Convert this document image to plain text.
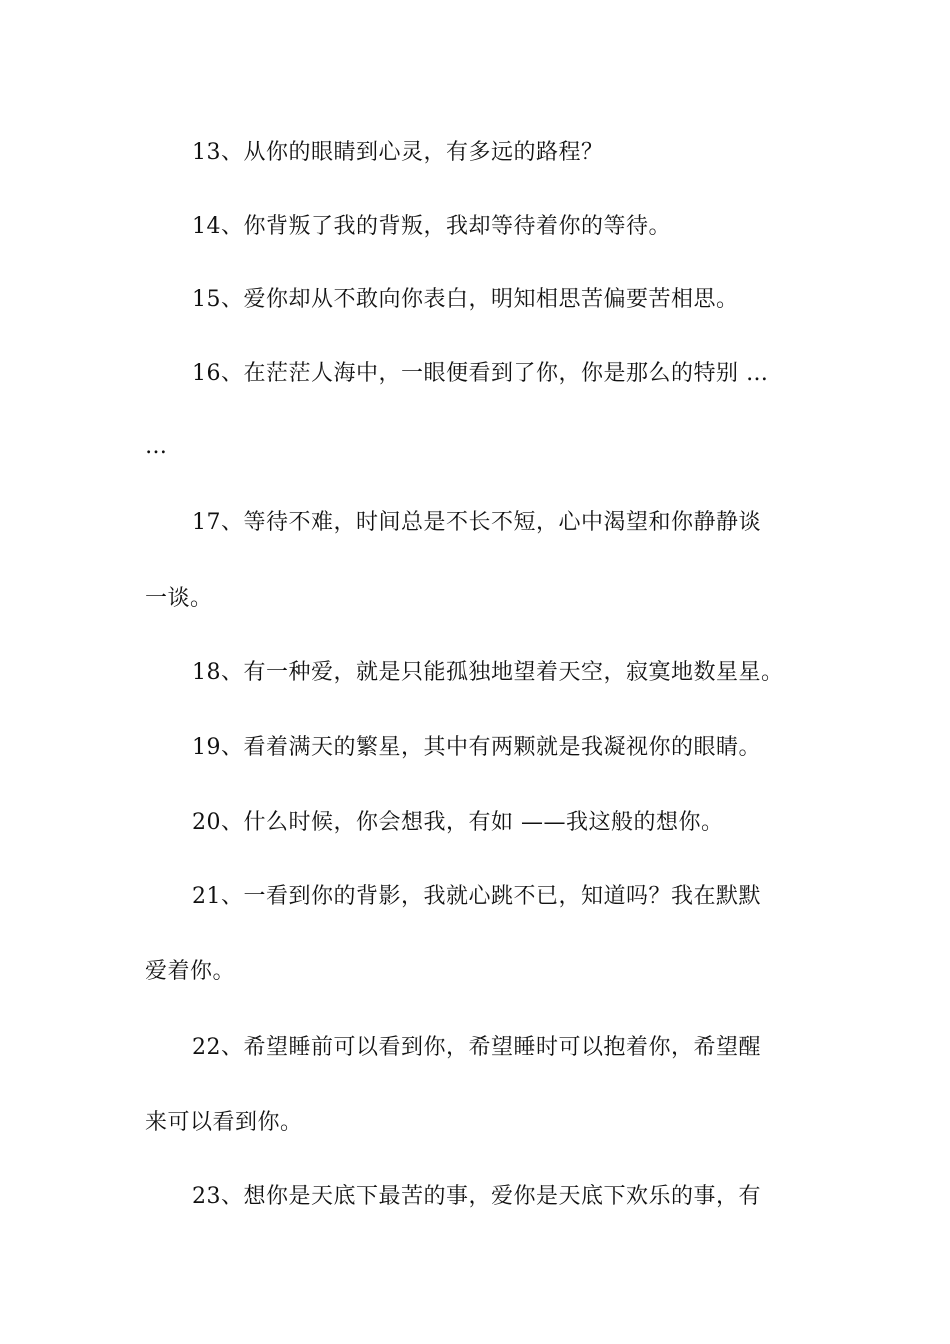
13、从你的眼睛到心灵，有多远的路程？
14、你背叛了我的背叛，我却等待着你的等待。
15、爱你却从不敢向你表白，明知相思苦偏要苦相思。
16、在茫茫人海中，一眼便看到了你，你是那么的特别 …
…
17、等待不难，时间总是不长不短，心中渴望和你静静谈
一谈。
18、有一种爱，就是只能孤独地望着天空，寂寞地数星星。
19、看着满天的繁星，其中有两颗就是我凝视你的眼睛。
20、什么时候，你会想我，有如 ——我这般的想你。
21、一看到你的背影，我就心跳不已，知道吗？我在默默
爱着你。
22、希望睡前可以看到你，希望睡时可以抱着你，希望醒
来可以看到你。
23、想你是天底下最苦的事，爱你是天底下欢乐的事，有
